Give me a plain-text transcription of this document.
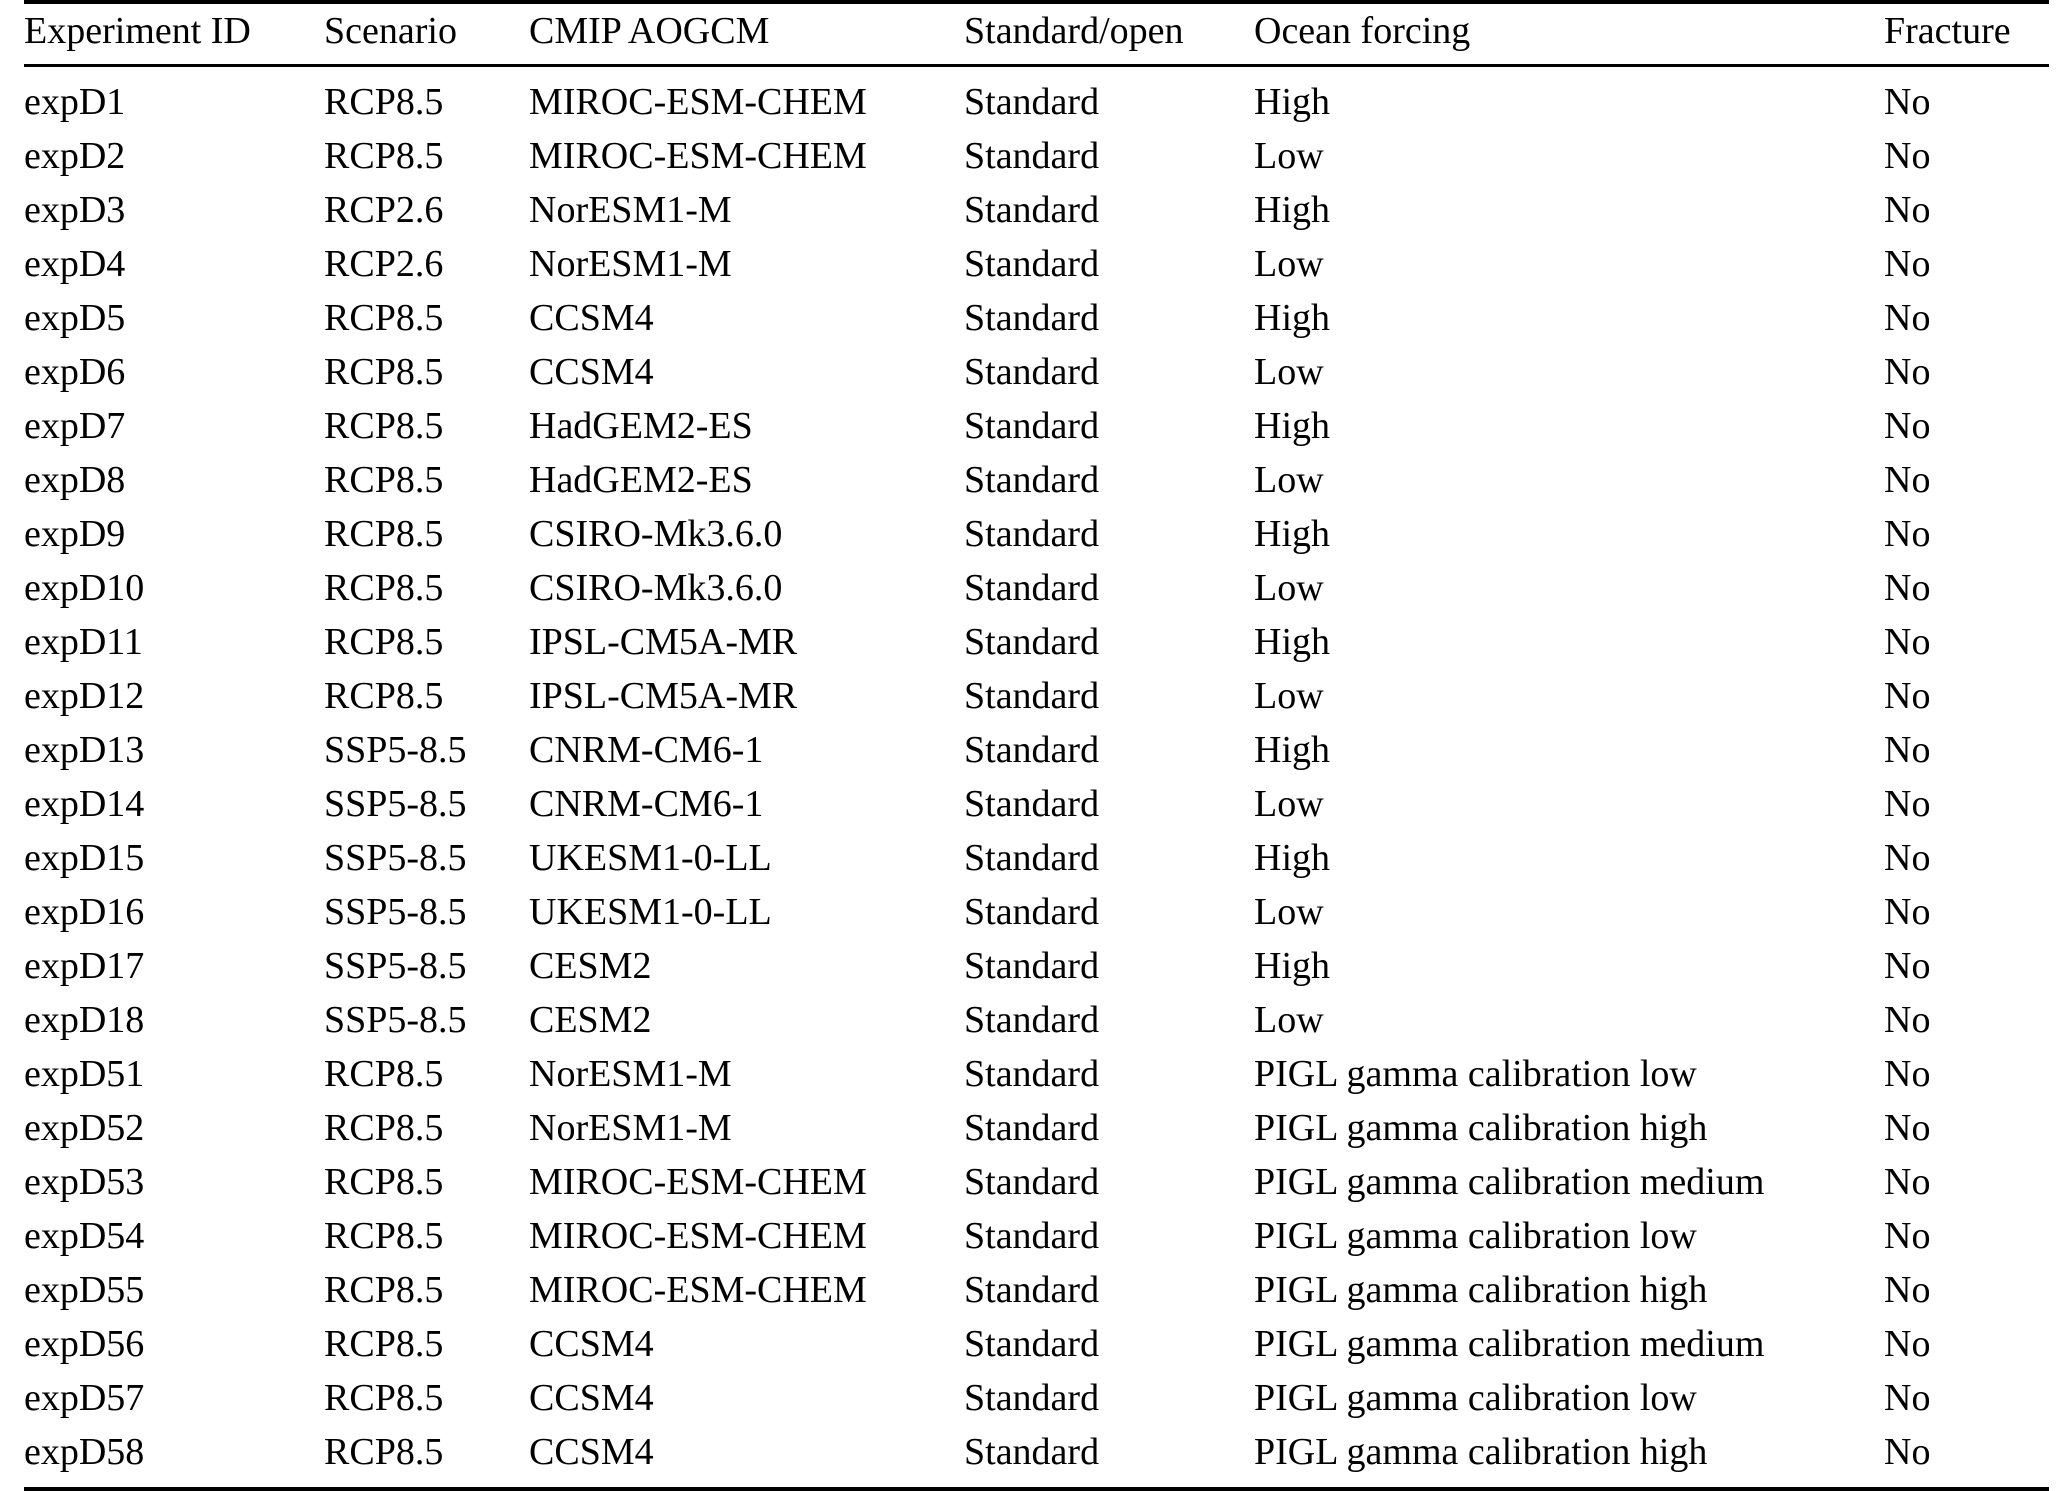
Experiment ID	Scenario	CMIP AOGCM	Standard/open	Ocean forcing	Fracture
expD1	RCP8.5	MIROC-ESM-CHEM	Standard	High	No
expD2	RCP8.5	MIROC-ESM-CHEM	Standard	Low	No
expD3	RCP2.6	NorESM1-M	Standard	High	No
expD4	RCP2.6	NorESM1-M	Standard	Low	No
expD5	RCP8.5	CCSM4	Standard	High	No
expD6	RCP8.5	CCSM4	Standard	Low	No
expD7	RCP8.5	HadGEM2-ES	Standard	High	No
expD8	RCP8.5	HadGEM2-ES	Standard	Low	No
expD9	RCP8.5	CSIRO-Mk3.6.0	Standard	High	No
expD10	RCP8.5	CSIRO-Mk3.6.0	Standard	Low	No
expD11	RCP8.5	IPSL-CM5A-MR	Standard	High	No
expD12	RCP8.5	IPSL-CM5A-MR	Standard	Low	No
expD13	SSP5-8.5	CNRM-CM6-1	Standard	High	No
expD14	SSP5-8.5	CNRM-CM6-1	Standard	Low	No
expD15	SSP5-8.5	UKESM1-0-LL	Standard	High	No
expD16	SSP5-8.5	UKESM1-0-LL	Standard	Low	No
expD17	SSP5-8.5	CESM2	Standard	High	No
expD18	SSP5-8.5	CESM2	Standard	Low	No
expD51	RCP8.5	NorESM1-M	Standard	PIGL gamma calibration low	No
expD52	RCP8.5	NorESM1-M	Standard	PIGL gamma calibration high	No
expD53	RCP8.5	MIROC-ESM-CHEM	Standard	PIGL gamma calibration medium	No
expD54	RCP8.5	MIROC-ESM-CHEM	Standard	PIGL gamma calibration low	No
expD55	RCP8.5	MIROC-ESM-CHEM	Standard	PIGL gamma calibration high	No
expD56	RCP8.5	CCSM4	Standard	PIGL gamma calibration medium	No
expD57	RCP8.5	CCSM4	Standard	PIGL gamma calibration low	No
expD58	RCP8.5	CCSM4	Standard	PIGL gamma calibration high	No
